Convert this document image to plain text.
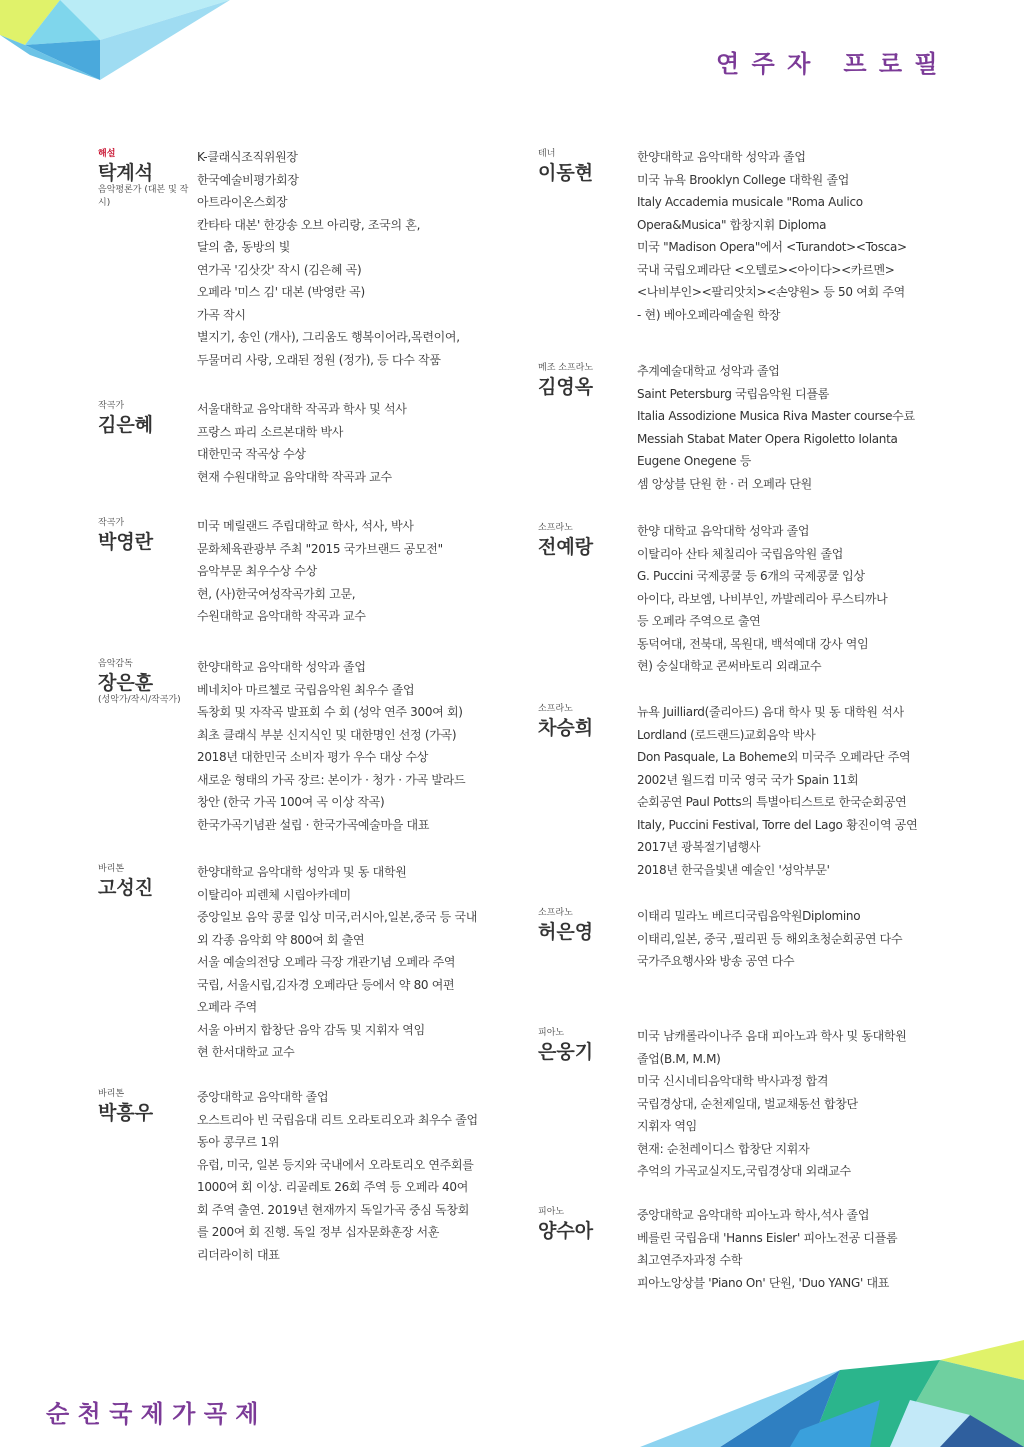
연 주 자   프 로 필
해설
탁계석
음악평론가 (대본 및 작시)
K-클래식조직위원장
한국예술비평가회장
아트라이온스회장
칸타타 대본' 한강송 오브 아리랑, 조국의 혼,
달의 춤, 동방의 빛
연가곡 '김삿갓' 작시 (김은혜 곡)
오페라 '미스 김' 대본 (박영란 곡)
가곡 작시
별지기, 송인 (개사), 그리움도 행복이어라,목련이여,
두물머리 사랑, 오래된 정원 (정가), 등 다수 작품
작곡가
김은혜
서울대학교 음악대학 작곡과 학사 및 석사
프랑스 파리 소르본대학 박사
대한민국 작곡상 수상
현재 수원대학교 음악대학 작곡과 교수
작곡가
박영란
미국 메릴랜드 주립대학교 학사, 석사, 박사
문화체육관광부 주최 "2015 국가브랜드 공모전"
음악부문 최우수상 수상
현, (사)한국여성작곡가회 고문,
수원대학교 음악대학 작곡과 교수
음악감독
장은훈
(성악가/작시/작곡가)
한양대학교 음악대학 성악과 졸업
베네치아 마르첼로 국립음악원 최우수 졸업
독창회 및 자작곡 발표회 수 회 (성악 연주 300여 회)
최초 클래식 부분 신지식인 및 대한명인 선정 (가곡)
2018년 대한민국 소비자 평가 우수 대상 수상
새로운 형태의 가곡 장르: 본이가 · 청가 · 가곡 발라드
창안 (한국 가곡 100여 곡 이상 작곡)
한국가곡기념관 설립 · 한국가곡예술마을 대표
바리톤
고성진
한양대학교 음악대학 성악과 및 동 대학원
이탈리아 피렌체 시립아카데미
중앙일보 음악 콩쿨 입상 미국,러시아,일본,중국 등 국내
외 각종 음악회 약 800여 회 출연
서울 예술의전당 오페라 극장 개관기념 오페라 주역
국립, 서울시립,김자경 오페라단 등에서 약 80 여편
오페라 주역
서울 아버지 합창단 음악 감독 및 지휘자 역임
현 한서대학교 교수
바리톤
박흥우
중앙대학교 음악대학 졸업
오스트리아 빈 국립음대 리트 오라토리오과 최우수 졸업
동아 콩쿠르 1위
유럽, 미국, 일본 등지와 국내에서 오라토리오 연주회를
1000여 회 이상. 리골레토 26회 주역 등 오페라 40여
회 주역 출연. 2019년 현재까지 독일가곡 중심 독창회
를 200여 회 진행. 독일 정부 십자문화훈장 서훈
리더라이히 대표
테너
이동현
한양대학교 음악대학 성악과 졸업
미국 뉴욕 Brooklyn College 대학원 졸업
Italy Accademia musicale "Roma Aulico
Opera&Musica" 합창지휘 Diploma
미국 "Madison Opera"에서 <Turandot><Tosca>
국내 국립오페라단 <오텔로><아이다><카르멘>
<나비부인><팔리앗치><손양원> 등 50 여회 주역
- 현) 베아오페라예술원 학장
메조 소프라노
김영옥
추계예술대학교 성악과 졸업
Saint Petersburg 국립음악원 디플롬
Italia Assodizione Musica Riva Master course수료
Messiah Stabat Mater Opera Rigoletto Iolanta
Eugene Onegene 등
셈 앙상블 단원 한 · 러 오페라 단원
소프라노
전예랑
한양 대학교 음악대학 성악과 졸업
이탈리아 산타 체칠리아 국립음악원 졸업
G. Puccini 국제콩쿨 등 6개의 국제콩쿨 입상
아이다, 라보엠, 나비부인, 까발레리아 루스티까나
등 오페라 주역으로 출연
동덕여대, 전북대, 목원대, 백석예대 강사 역임
현) 숭실대학교 콘써바토리 외래교수
소프라노
차승희
뉴욕 Juilliard(줄리아드) 음대 학사 및 동 대학원 석사
Lordland (로드랜드)교회음악 박사
Don Pasquale, La Boheme외 미국주 오페라단 주역
2002년 월드컵 미국 영국 국가 Spain 11회
순회공연 Paul Potts의 특별아티스트로 한국순회공연
Italy, Puccini Festival, Torre del Lago 황진이역 공연
2017년 광복절기념행사
2018년 한국을빛낸 예술인 '성악부문'
소프라노
허은영
이태리 밀라노 베르디국립음악원Diplomino
이태리,일본, 중국 ,필리핀 등 해외초청순회공연 다수
국가주요행사와 방송 공연 다수
피아노
은웅기
미국 남캐롤라이나주 음대 피아노과 학사 및 동대학원
졸업(B.M, M.M)
미국 신시네티음악대학 박사과정 합격
국립경상대, 순천제일대, 벌교채동선 합창단
지휘자 역임
현재: 순천레이디스 합창단 지휘자
추억의 가곡교실지도,국립경상대 외래교수
피아노
양수아
중앙대학교 음악대학 피아노과 학사,석사 졸업
베를린 국립음대 'Hanns Eisler' 피아노전공 디플롬
최고연주자과정 수학
피아노앙상블 'Piano On' 단원, 'Duo YANG' 대표
순 천 국 제 가 곡 제
